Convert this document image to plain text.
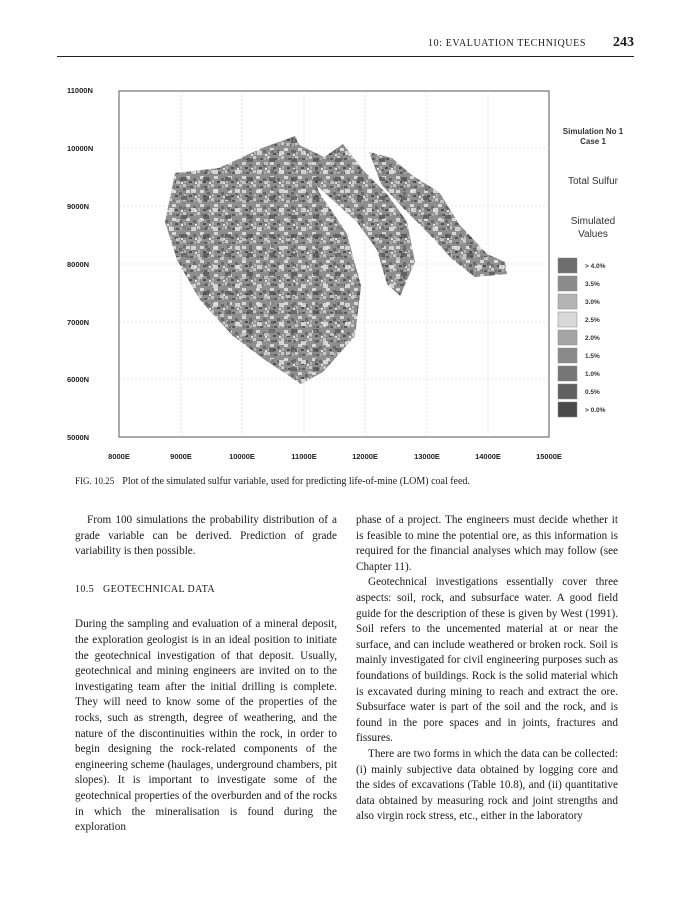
10: EVALUATION TECHNIQUES 243
11000N
10000N
9000N
8000N
7000N
6000N
5000N
8000E	9000E	10000E	11000E	12000E	13000E	14000E	15000E
Simulation No 1
Case 1
Total Sulfur
Simulated
Values
> 4.0%
3.5%
3.0%
2.5%
2.0%
1.5%
1.0%
0.5%
> 0.0%
FIG. 10.25 Plot of the simulated sulfur variable, used for predicting life-of-mine (LOM) coal feed.

From 100 simulations the probability distribution of a grade variable can be derived. Prediction of grade variability is then possible.

10.5 GEOTECHNICAL DATA

During the sampling and evaluation of a mineral deposit, the exploration geologist is in an ideal position to initiate the geotechnical investigation of that deposit. Usually, geotechnical and mining engineers are invited on to the investigating team after the initial drilling is complete. They will need to know some of the properties of the rocks, such as strength, degree of weathering, and the nature of the discontinuities within the rock, in order to begin designing the rock-related components of the engineering scheme (haulages, underground chambers, pit slopes). It is important to investigate some of the geotechnical properties of the overburden and of the rocks in which the mineralisation is found during the exploration

phase of a project. The engineers must decide whether it is feasible to mine the potential ore, as this information is required for the financial analyses which may follow (see Chapter 11).

Geotechnical investigations essentially cover three aspects: soil, rock, and subsurface water. A good field guide for the description of these is given by West (1991). Soil refers to the uncemented material at or near the surface, and can include weathered or broken rock. Soil is mainly investigated for civil engineering purposes such as foundations of buildings. Rock is the solid material which is excavated during mining to reach and extract the ore. Subsurface water is part of the soil and the rock, and is found in the pore spaces and in joints, fractures and fissures.

There are two forms in which the data can be collected: (i) mainly subjective data obtained by logging core and the sides of excavations (Table 10.8), and (ii) quantitative data obtained by measuring rock and joint strengths and also virgin rock stress, etc., either in the laboratory
